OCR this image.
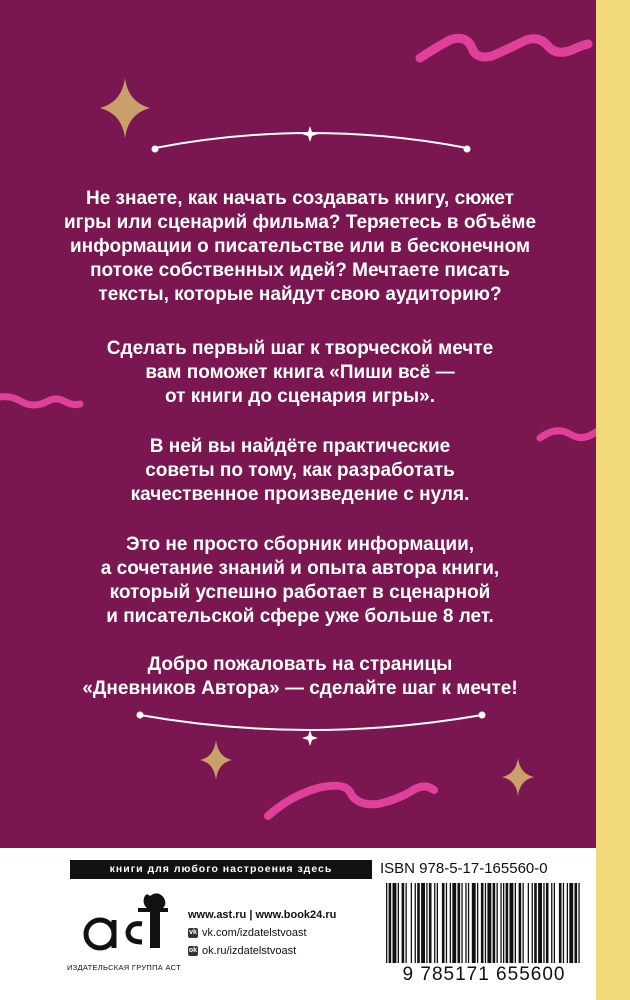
Не знаете, как начать создавать книгу, сюжет
игры или сценарий фильма? Теряетесь в объёме
информации о писательстве или в бесконечном
потоке собственных идей? Мечтаете писать
тексты, которые найдут свою аудиторию?

Сделать первый шаг к творческой мечте
вам поможет книга «Пиши всё —
от книги до сценария игры».

В ней вы найдёте практические
советы по тому, как разработать
качественное произведение с нуля.

Это не просто сборник информации,
а сочетание знаний и опыта автора книги,
который успешно работает в сценарной
и писательской сфере уже больше 8 лет.

Добро пожаловать на страницы
«Дневников Автора» — сделайте шаг к мечте!

книги для любого настроения здесь	ISBN 978-5-17-165560-0
9 785171 655600
аст
ИЗДАТЕЛЬСКАЯ ГРУППА АСТ
www.ast.ru | www.book24.ru
vk vk.com/izdatelstvoast
ok ok.ru/izdatelstvoast
